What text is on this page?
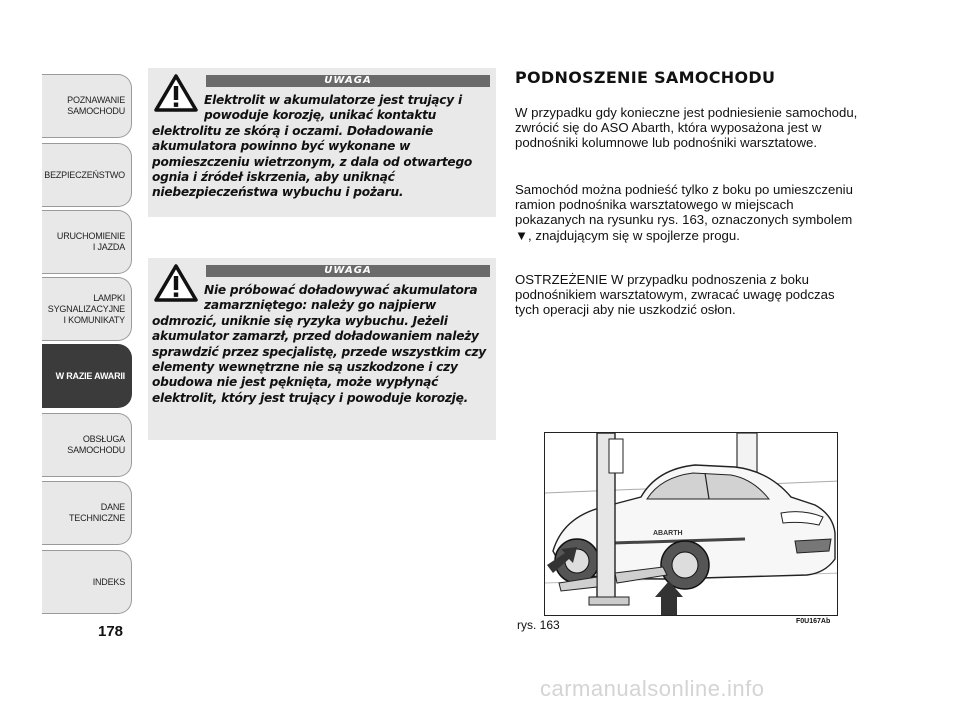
POZNAWANIE
SAMOCHODU
BEZPIECZEŃSTWO
URUCHOMIENIE
I JAZDA
LAMPKI
SYGNALIZACYJNE
I KOMUNIKATY
W RAZIE AWARII
OBSŁUGA
SAMOCHODU
DANE
TECHNICZNE
INDEKS
178
UWAGA
Elektrolit w akumulatorze jest trujący i powoduje korozję, unikać kontaktu elektrolitu ze skórą i oczami. Doładowanie akumulatora powinno być wykonane w pomieszczeniu wietrzonym, z dala od otwartego ognia i źródeł iskrzenia, aby uniknąć niebezpieczeństwa wybuchu i pożaru.
UWAGA
Nie próbować doładowywać akumulatora zamarzniętego: należy go najpierw odmrozić, uniknie się ryzyka wybuchu. Jeżeli akumulator zamarzł, przed doładowaniem należy sprawdzić przez specjalistę, przede wszystkim czy elementy wewnętrzne nie są uszkodzone i czy obudowa nie jest pęknięta, może wypłynąć elektrolit, który jest trujący i powoduje korozję.
PODNOSZENIE SAMOCHODU

W przypadku gdy konieczne jest podniesienie samochodu, zwrócić się do ASO Abarth, która wyposażona jest w podnośniki kolumnowe lub podnośniki warsztatowe.

Samochód można podnieść tylko z boku po umieszczeniu ramion podnośnika warsztatowego w miejscach pokazanych na rysunku rys. 163, oznaczonych symbolem ▼, znajdującym się w spojlerze progu.

OSTRZEŻENIE W przypadku podnoszenia z boku podnośnikiem warsztatowym, zwracać uwagę podczas tych operacji aby nie uszkodzić osłon.

ABARTH
rys. 163	F0U167Ab
carmanualsonline.info
